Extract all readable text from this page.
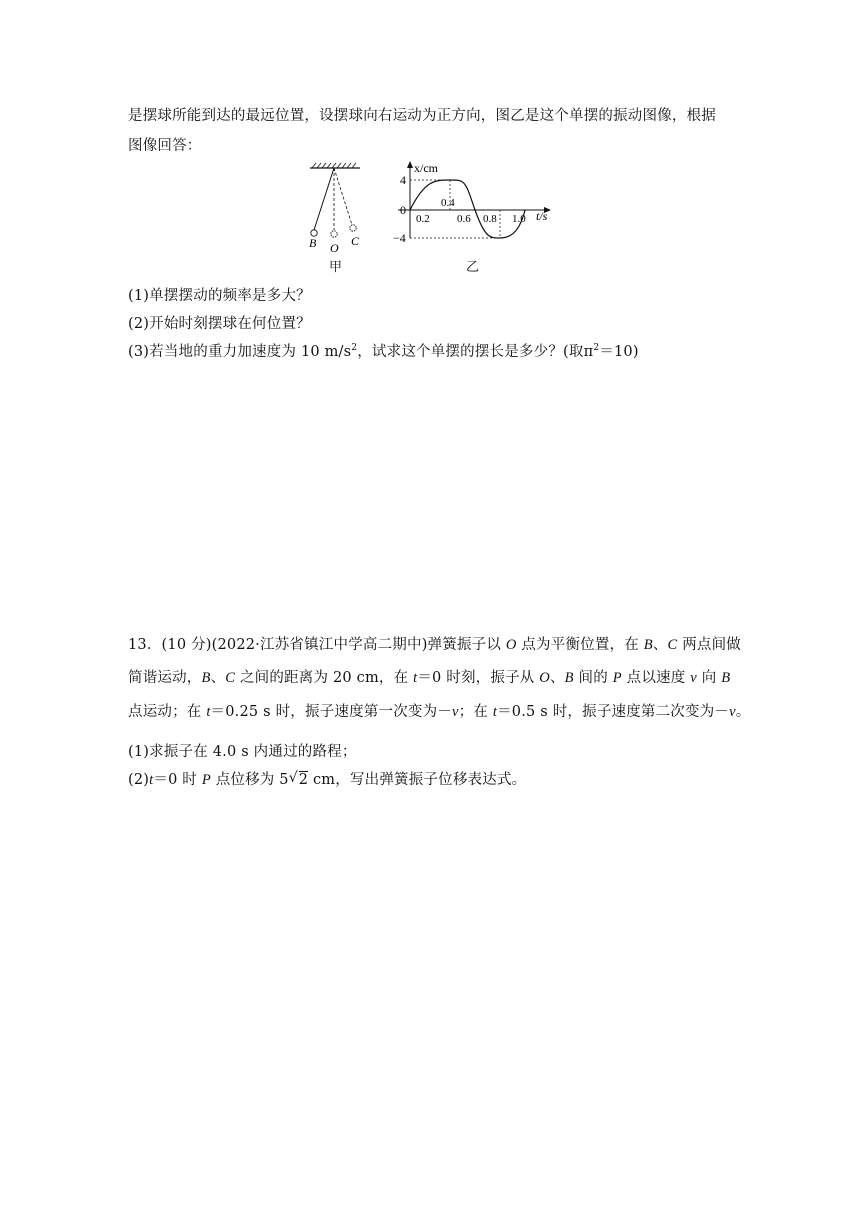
是摆球所能到达的最远位置，设摆球向右运动为正方向，图乙是这个单摆的振动图像，根据
图像回答：
B O C
x/cm
t/s
4
0
−4
0.2
0.4
0.6 0.8 1.0
甲	乙
(1)单摆摆动的频率是多大？
(2)开始时刻摆球在何位置？
(3)若当地的重力加速度为 10 $m/s^2$，试求这个单摆的摆长是多少？(取$\pi^2=10$)
13．(10 分)(2022·江苏省镇江中学高二期中)弹簧振子以 O 点为平衡位置，在 B、C 两点间做
简谐运动，B、C 之间的距离为 20 cm，在 t＝0 时刻，振子从 O、B 间的 P 点以速度 v 向 B
点运动；在 t＝0.25 s 时，振子速度第一次变为－v；在 t＝0.5 s 时，振子速度第二次变为－v。
(1)求振子在 4.0 s 内通过的路程；
(2)t＝0 时 P 点位移为 5√ 2 cm，写出弹簧振子位移表达式。
